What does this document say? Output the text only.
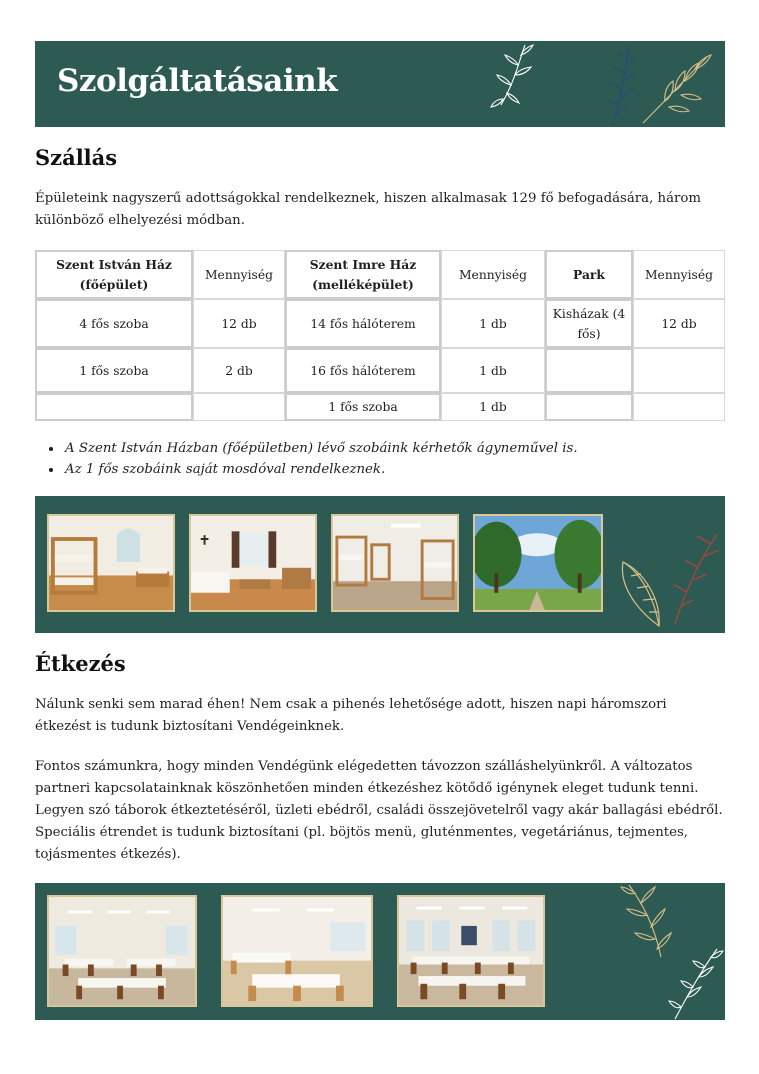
Szolgáltatásaink
Szállás

Épületeink nagyszerű adottságokkal rendelkeznek, hiszen alkalmasak 129 fő befogadására, három különböző elhelyezési módban.

Szent István Ház (főépület)	Mennyiség	Szent Imre Ház (melléképület)	Mennyiség	Park	Mennyiség
4 fős szoba	12 db	14 fős hálóterem	1 db	Kisházak (4 fős)	12 db
1 fős szoba	2 db	16 fős hálóterem	1 db		
		1 fős szoba	1 db		
• A Szent István Házban (főépületben) lévő szobáink kérhetők ágyneművel is.
• Az 1 fős szobáink saját mosdóval rendelkeznek.
Étkezés

Nálunk senki sem marad éhen! Nem csak a pihenés lehetősége adott, hiszen napi háromszori étkezést is tudunk biztosítani Vendégeinknek.

Fontos számunkra, hogy minden Vendégünk elégedetten távozzon szálláshelyünkről. A változatos partneri kapcsolatainknak köszönhetően minden étkezéshez kötődő igénynek eleget tudunk tenni. Legyen szó táborok étkeztetéséről, üzleti ebédről, családi összejövetelről vagy akár ballagási ebédről. Speciális étrendet is tudunk biztosítani (pl. böjtös menü, gluténmentes, vegetáriánus, tejmentes, tojásmentes étkezés).
